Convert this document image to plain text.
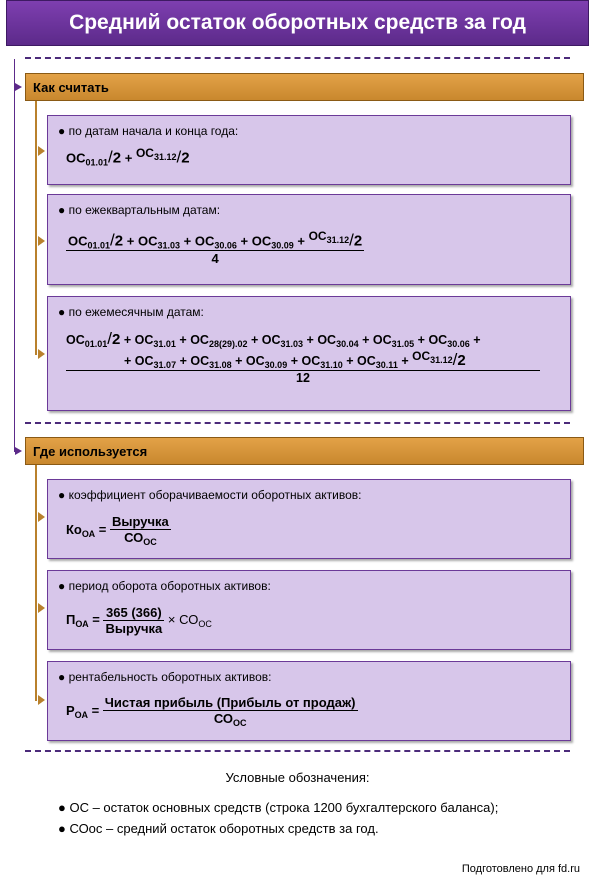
Средний остаток оборотных средств за год
Как считать
● по датам начала и конца года:
$ОС_{01.01}/2 + ^{ОС_{31.12}}/2$
● по ежеквартальным датам:
$ОС_{01.01}/2 + ОС_{31.03} + ОС_{30.06} + ОС_{30.09} + ^{ОС_{31.12}}/2$
4
● по ежемесячным датам:
$ОС_{01.01}/2 + ОС_{31.01} + ОС_{28(29).02} + ОС_{31.03} + ОС_{30.04} + ОС_{31.05} + ОС_{30.06}$ +
+ $ОС_{31.07} + ОС_{31.08} + ОС_{30.09} + ОС_{31.10} + ОС_{30.11} + ^{ОС_{31.12}}/2$
12
Где используется
● коэффициент оборачиваемости оборотных активов:
$Ко_{ОА} = \frac{\text{Выручка}}{СО_{ОС}}$
● период оборота оборотных активов:
$П_{ОА} = \frac{365 (366)}{\text{Выручка}} \times СО_{ОС}$
● рентабельность оборотных активов:
$Р_{ОА} = \frac{\text{Чистая прибыль (Прибыль от продаж)}}{СО_{ОС}}$
Условные обозначения:
● ОС – остаток основных средств (строка 1200 бухгалтерского баланса);
● СОос – средний остаток оборотных средств за год.
Подготовлено для fd.ru
